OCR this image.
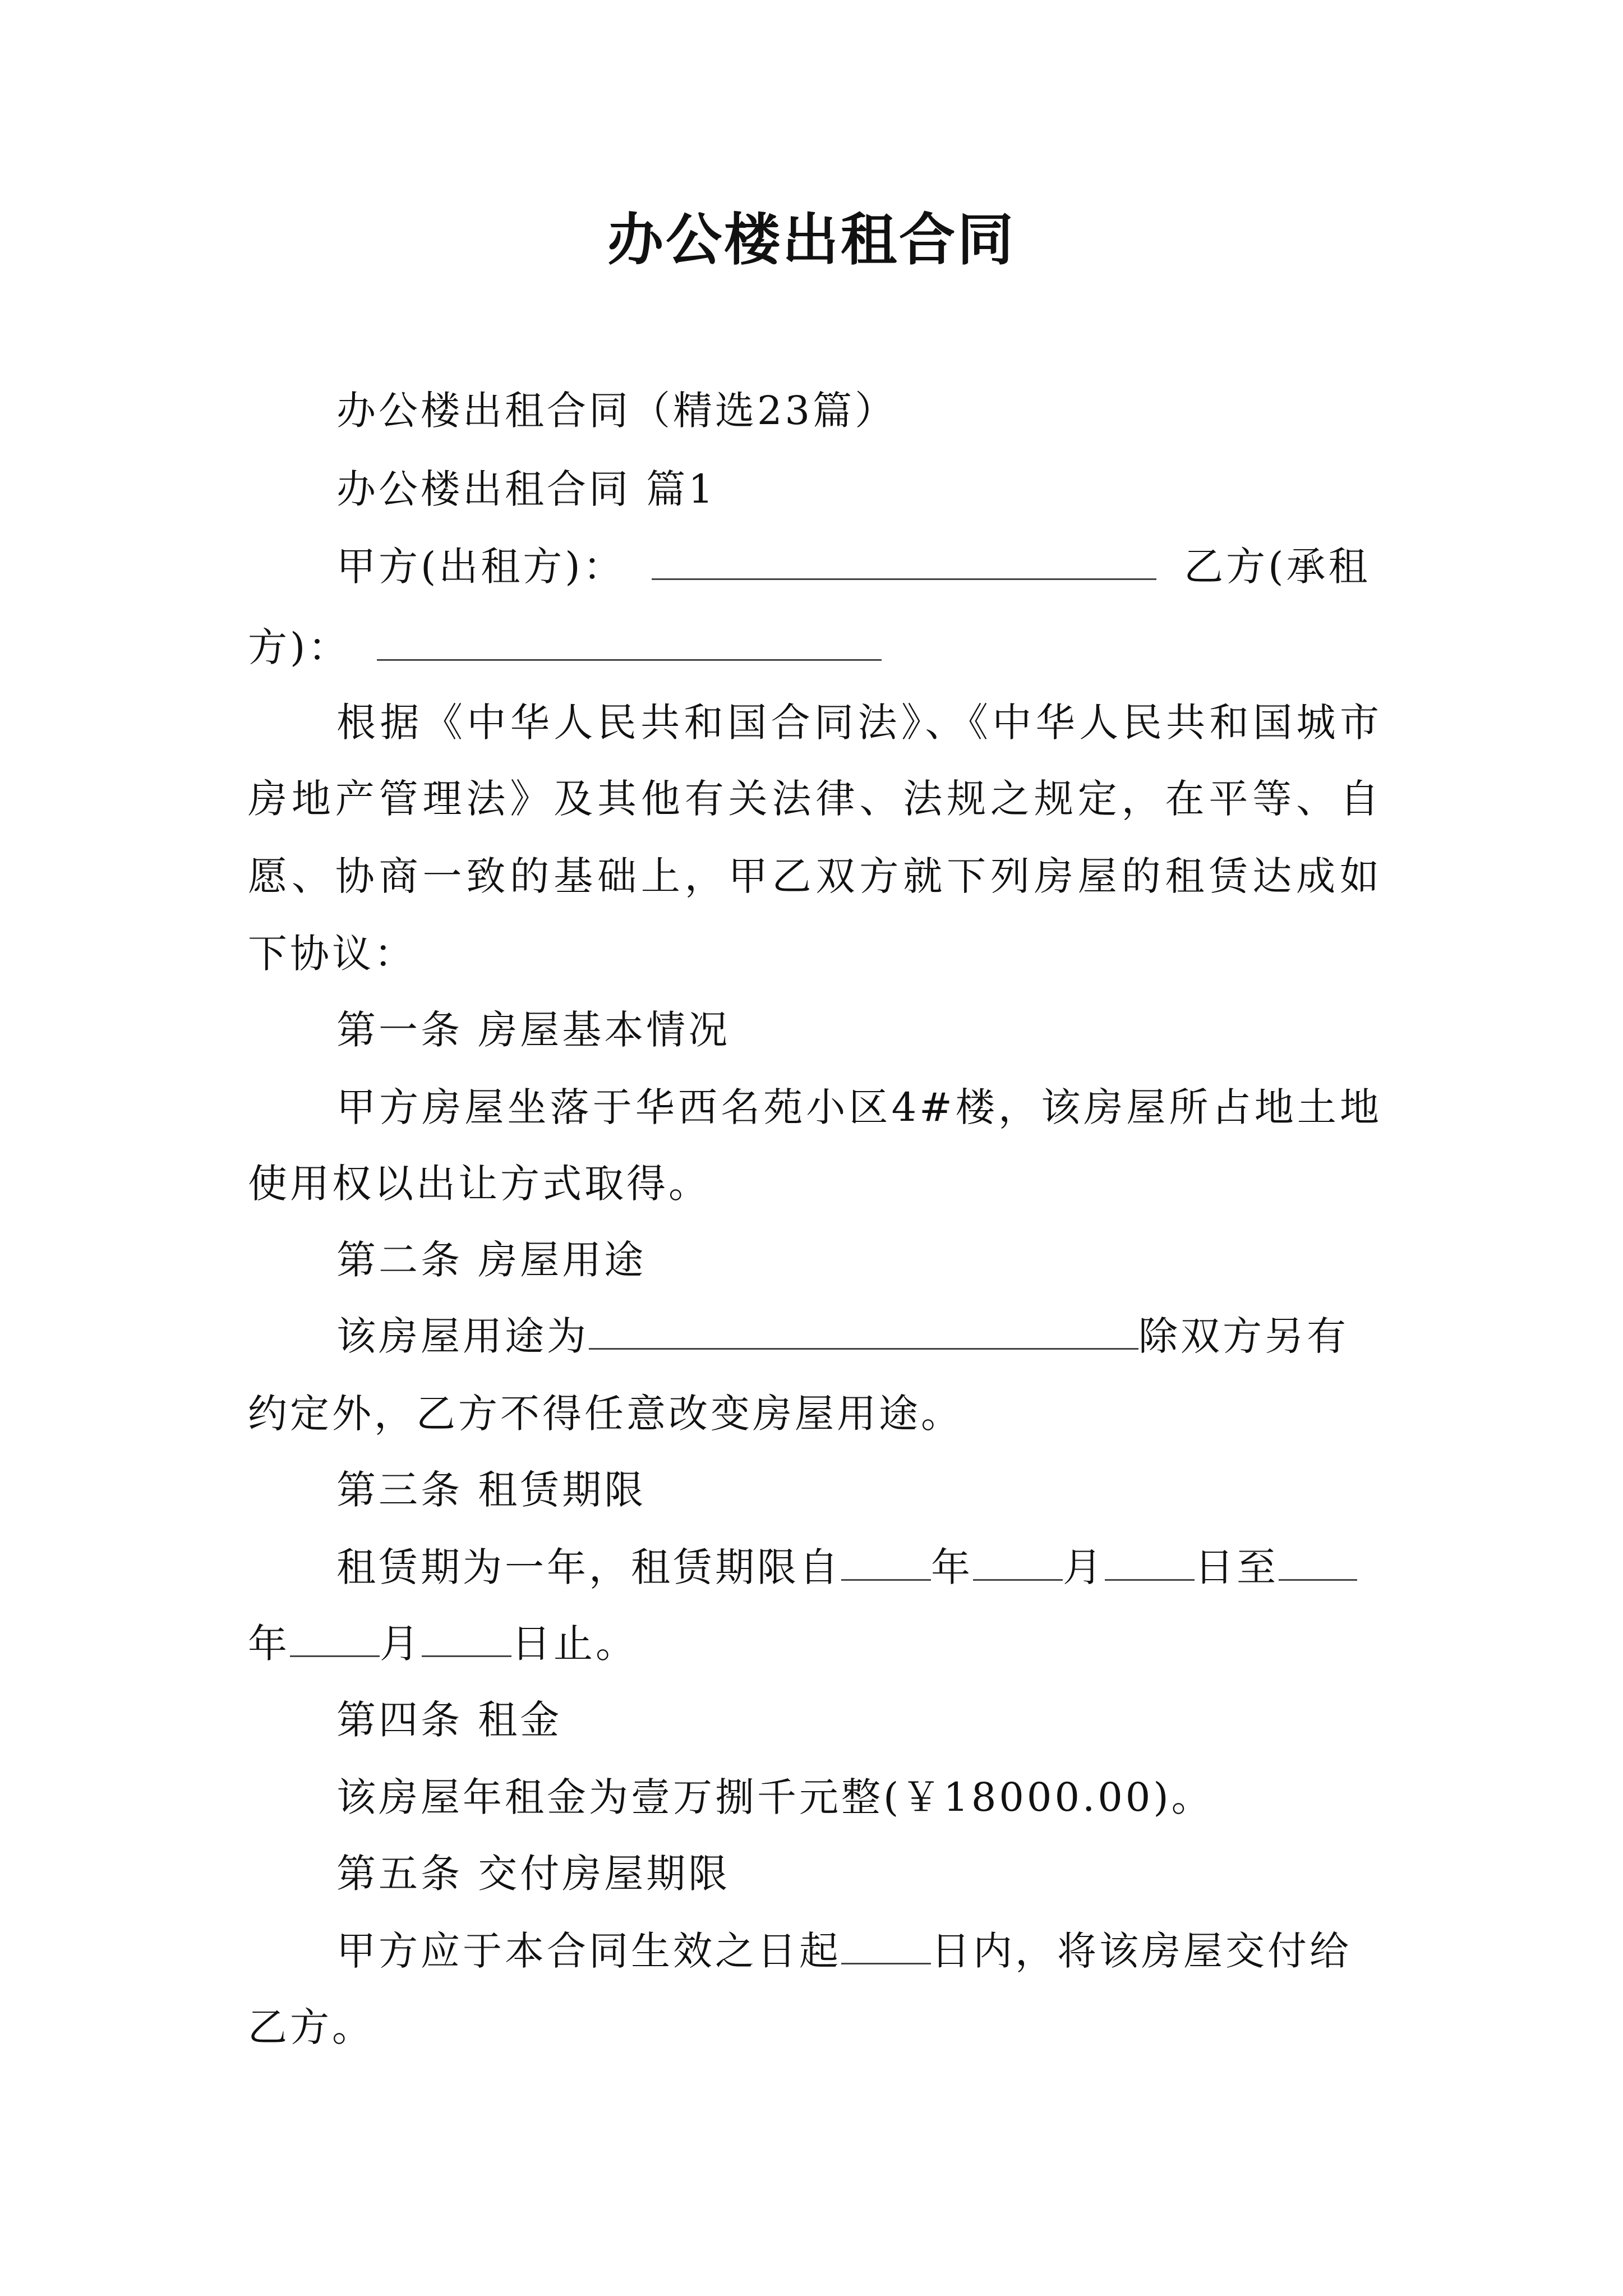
办公楼出租合同
办公楼出租合同（精选23篇）
办公楼出租合同 篇1
甲方(出租方)：	乙方(承租
方)：
根据《中华人民共和国合同法》、《中华人民共和国城市
房地产管理法》及其他有关法律、法规之规定，在平等、自
愿、协商一致的基础上，甲乙双方就下列房屋的租赁达成如
下协议：
第一条 房屋基本情况
甲方房屋坐落于华西名苑小区4#楼，该房屋所占地土地
使用权以出让方式取得。
第二条 房屋用途
该房屋用途为	除双方另有
约定外，乙方不得任意改变房屋用途。
第三条 租赁期限
租赁期为一年，租赁期限自 年 月 日至
年 月 日止。
第四条 租金
该房屋年租金为壹万捌千元整(￥18000.00)。
第五条 交付房屋期限
甲方应于本合同生效之日起 日内，将该房屋交付给
乙方。
